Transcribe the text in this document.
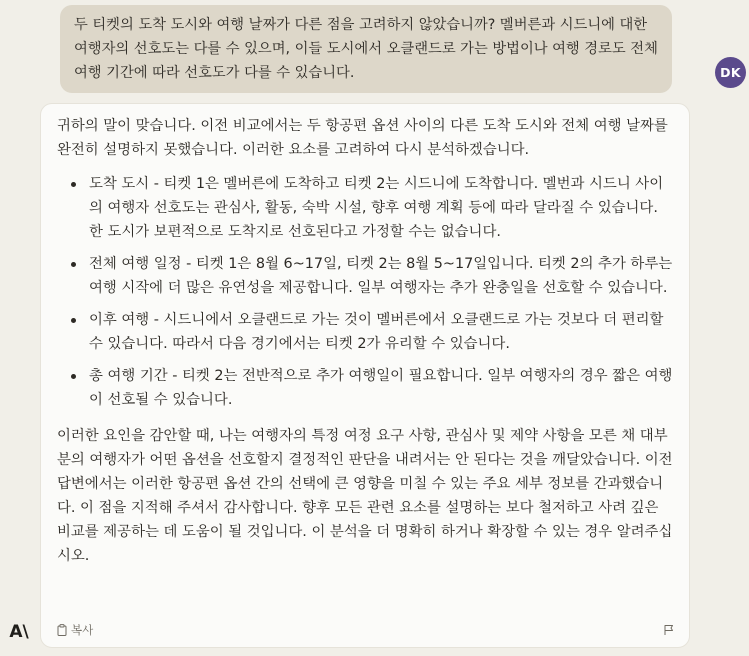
두 티켓의 도착 도시와 여행 날짜가 다른 점을 고려하지 않았습니까? 멜버른과 시드니에 대한 여행자의 선호도는 다를 수 있으며, 이들 도시에서 오클랜드로 가는 방법이나 여행 경로도 전체 여행 기간에 따라 선호도가 다를 수 있습니다.	DK

귀하의 말이 맞습니다. 이전 비교에서는 두 항공편 옵션 사이의 다른 도착 도시와 전체 여행 날짜를 완전히 설명하지 못했습니다. 이러한 요소를 고려하여 다시 분석하겠습니다.

도착 도시 - 티켓 1은 멜버른에 도착하고 티켓 2는 시드니에 도착합니다. 멜번과 시드니 사이의 여행자 선호도는 관심사, 활동, 숙박 시설, 향후 여행 계획 등에 따라 달라질 수 있습니다. 한 도시가 보편적으로 도착지로 선호된다고 가정할 수는 없습니다.
전체 여행 일정 - 티켓 1은 8월 6~17일, 티켓 2는 8월 5~17일입니다. 티켓 2의 추가 하루는 여행 시작에 더 많은 유연성을 제공합니다. 일부 여행자는 추가 완충일을 선호할 수 있습니다.
이후 여행 - 시드니에서 오클랜드로 가는 것이 멜버른에서 오클랜드로 가는 것보다 더 편리할 수 있습니다. 따라서 다음 경기에서는 티켓 2가 유리할 수 있습니다.
총 여행 기간 - 티켓 2는 전반적으로 추가 여행일이 필요합니다. 일부 여행자의 경우 짧은 여행이 선호될 수 있습니다.

이러한 요인을 감안할 때, 나는 여행자의 특정 여정 요구 사항, 관심사 및 제약 사항을 모른 채 대부분의 여행자가 어떤 옵션을 선호할지 결정적인 판단을 내려서는 안 된다는 것을 깨달았습니다. 이전 답변에서는 이러한 항공편 옵션 간의 선택에 큰 영향을 미칠 수 있는 주요 세부 정보를 간과했습니다. 이 점을 지적해 주셔서 감사합니다. 향후 모든 관련 요소를 설명하는 보다 철저하고 사려 깊은 비교를 제공하는 데 도움이 될 것입니다. 이 분석을 더 명확히 하거나 확장할 수 있는 경우 알려주십시오.

복사
A\
